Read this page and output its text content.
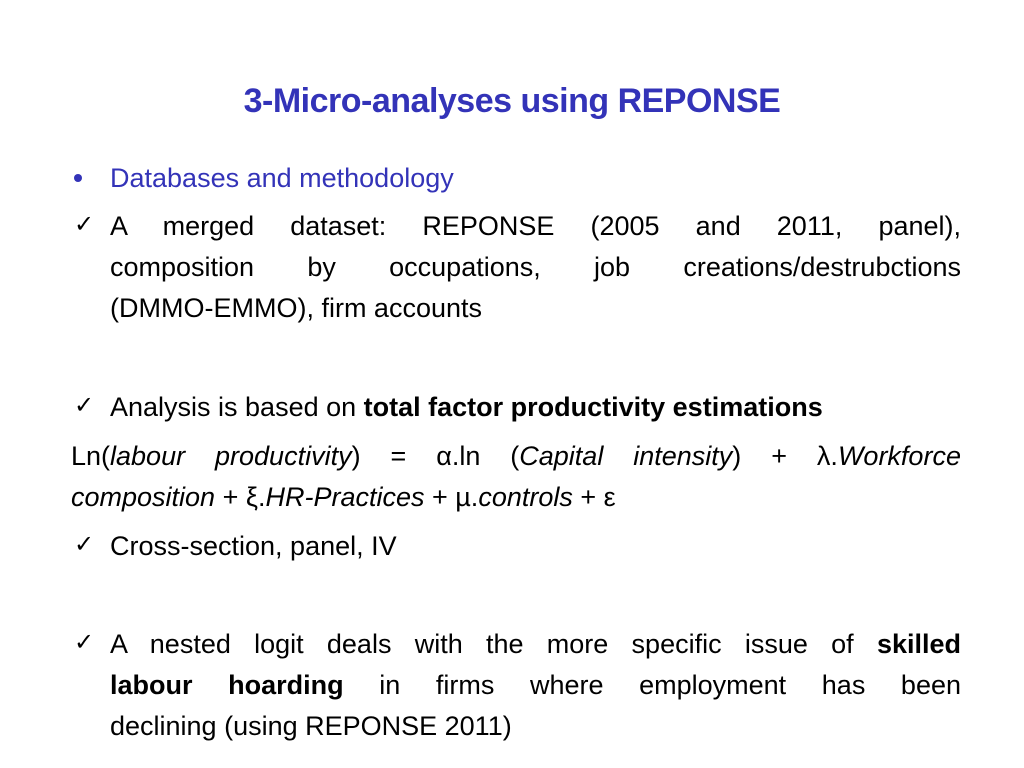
3-Micro-analyses using REPONSE
Databases and methodology
✓ A merged dataset: REPONSE (2005 and 2011, panel),
composition by occupations, job creations/destrubctions
(DMMO-EMMO), firm accounts
✓ Analysis is based on total factor productivity estimations
Ln(labour productivity) = α.ln (Capital intensity) + λ.Workforce
composition + ξ.HR-Practices + µ.controls + ε
✓ Cross-section, panel, IV
✓ A nested logit deals with the more specific issue of skilled
labour hoarding in firms where employment has been
declining (using REPONSE 2011)
